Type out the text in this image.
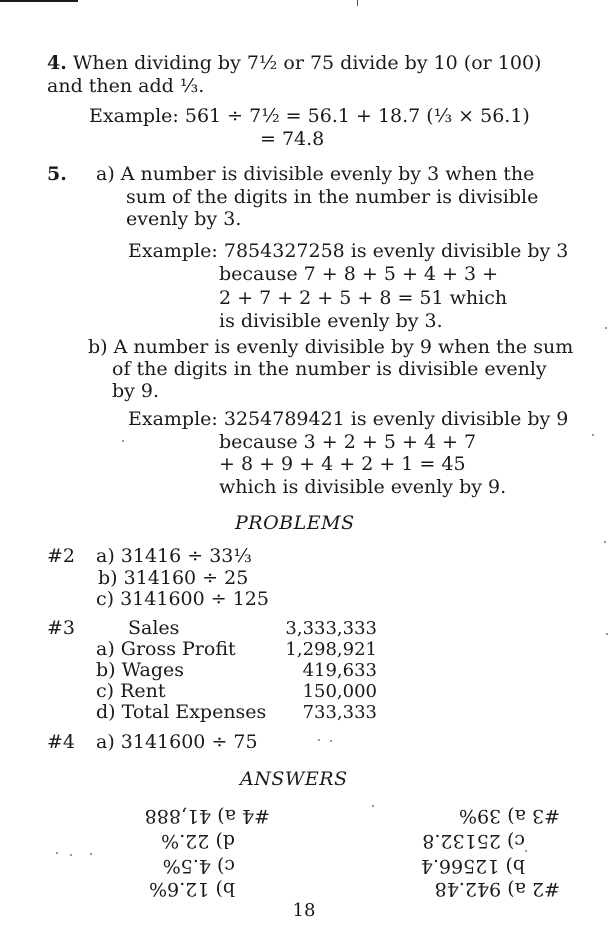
4. When dividing by 7½ or 75 divide by 10 (or 100)
and then add ⅓.
Example: 561 ÷ 7½ = 56.1 + 18.7 (⅓ × 56.1)
= 74.8
5. a) A number is divisible evenly by 3 when the
sum of the digits in the number is divisible
evenly by 3.
Example: 7854327258 is evenly divisible by 3
because 7 + 8 + 5 + 4 + 3 +
2 + 7 + 2 + 5 + 8 = 51 which
is divisible evenly by 3.
b) A number is evenly divisible by 9 when the sum
of the digits in the number is divisible evenly
by 9.
Example: 3254789421 is evenly divisible by 9
because 3 + 2 + 5 + 4 + 7
+ 8 + 9 + 4 + 2 + 1 = 45
which is divisible evenly by 9.
PROBLEMS
#2 a) 31416 ÷ 33⅓
b) 314160 ÷ 25
c) 3141600 ÷ 125
#3	Sales	3,333,333
a) Gross Profit	1,298,921
b) Wages	419,633
c) Rent	150,000
d) Total Expenses	733,333
#4 a) 3141600 ÷ 75
ANSWERS
#2 a) 942.48
b) 12566.4
c) 25132.8
#3 a) 39%
b) 12.6%
c) 4.5%
d) 22.%
#4 a) 41,888
18
